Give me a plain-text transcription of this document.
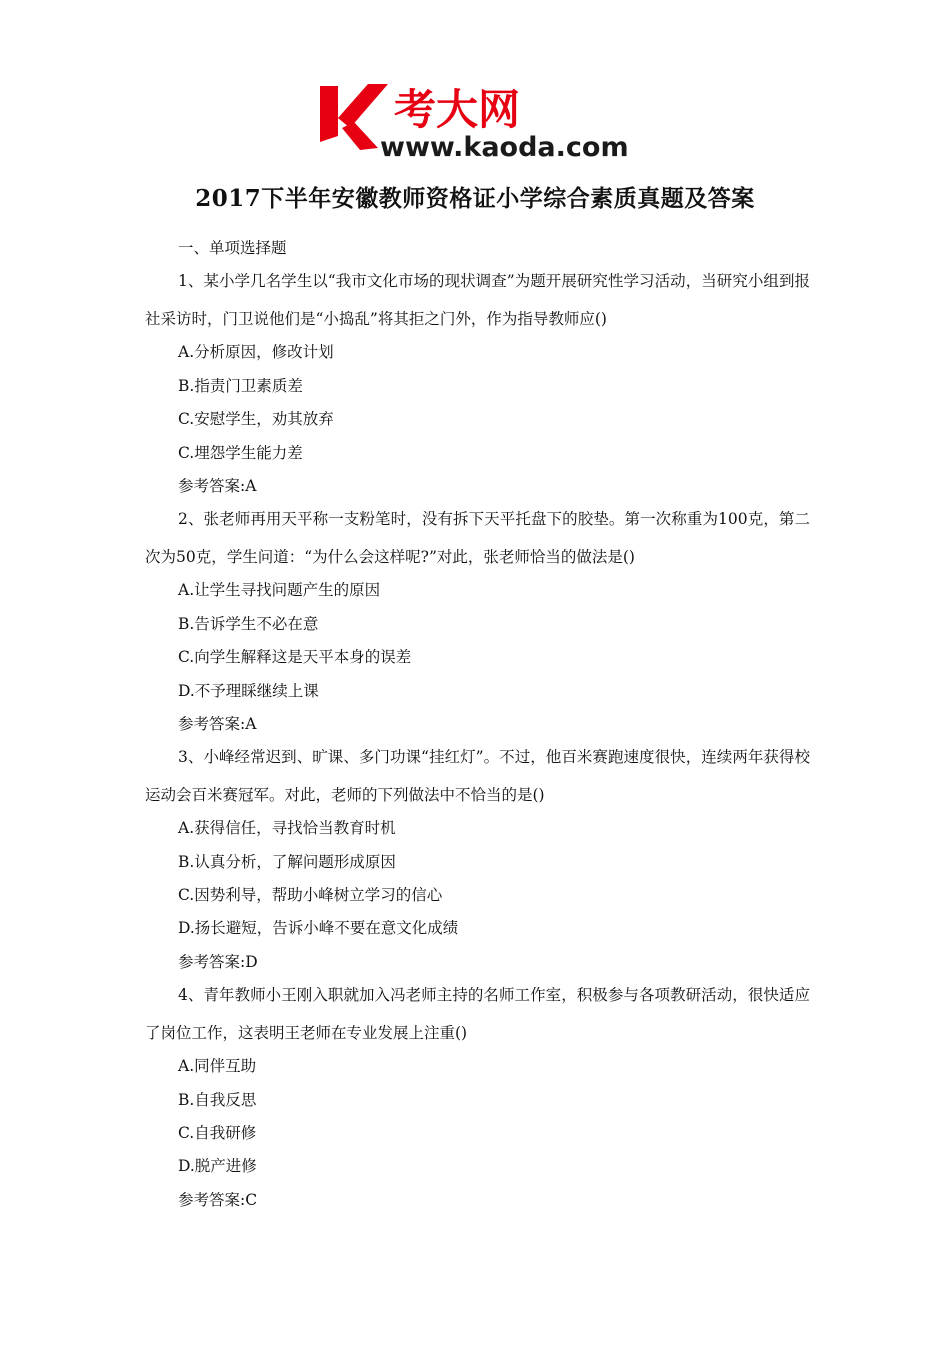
考大网
www.kaoda.com
2017下半年安徽教师资格证小学综合素质真题及答案
一、单项选择题
1、某小学几名学生以“我市文化市场的现状调查”为题开展研究性学习活动，当研究小组到报社采访时，门卫说他们是“小捣乱”将其拒之门外，作为指导教师应()
A.分析原因，修改计划
B.指责门卫素质差
C.安慰学生，劝其放弃
C.埋怨学生能力差
参考答案:A
2、张老师再用天平称一支粉笔时，没有拆下天平托盘下的胶垫。第一次称重为100克，第二次为50克，学生问道：“为什么会这样呢?”对此，张老师恰当的做法是()
A.让学生寻找问题产生的原因
B.告诉学生不必在意
C.向学生解释这是天平本身的误差
D.不予理睬继续上课
参考答案:A
3、小峰经常迟到、旷课、多门功课“挂红灯”。不过，他百米赛跑速度很快，连续两年获得校运动会百米赛冠军。对此，老师的下列做法中不恰当的是()
A.获得信任，寻找恰当教育时机
B.认真分析，了解问题形成原因
C.因势利导，帮助小峰树立学习的信心
D.扬长避短，告诉小峰不要在意文化成绩
参考答案:D
4、青年教师小王刚入职就加入冯老师主持的名师工作室，积极参与各项教研活动，很快适应了岗位工作，这表明王老师在专业发展上注重()
A.同伴互助
B.自我反思
C.自我研修
D.脱产进修
参考答案:C
